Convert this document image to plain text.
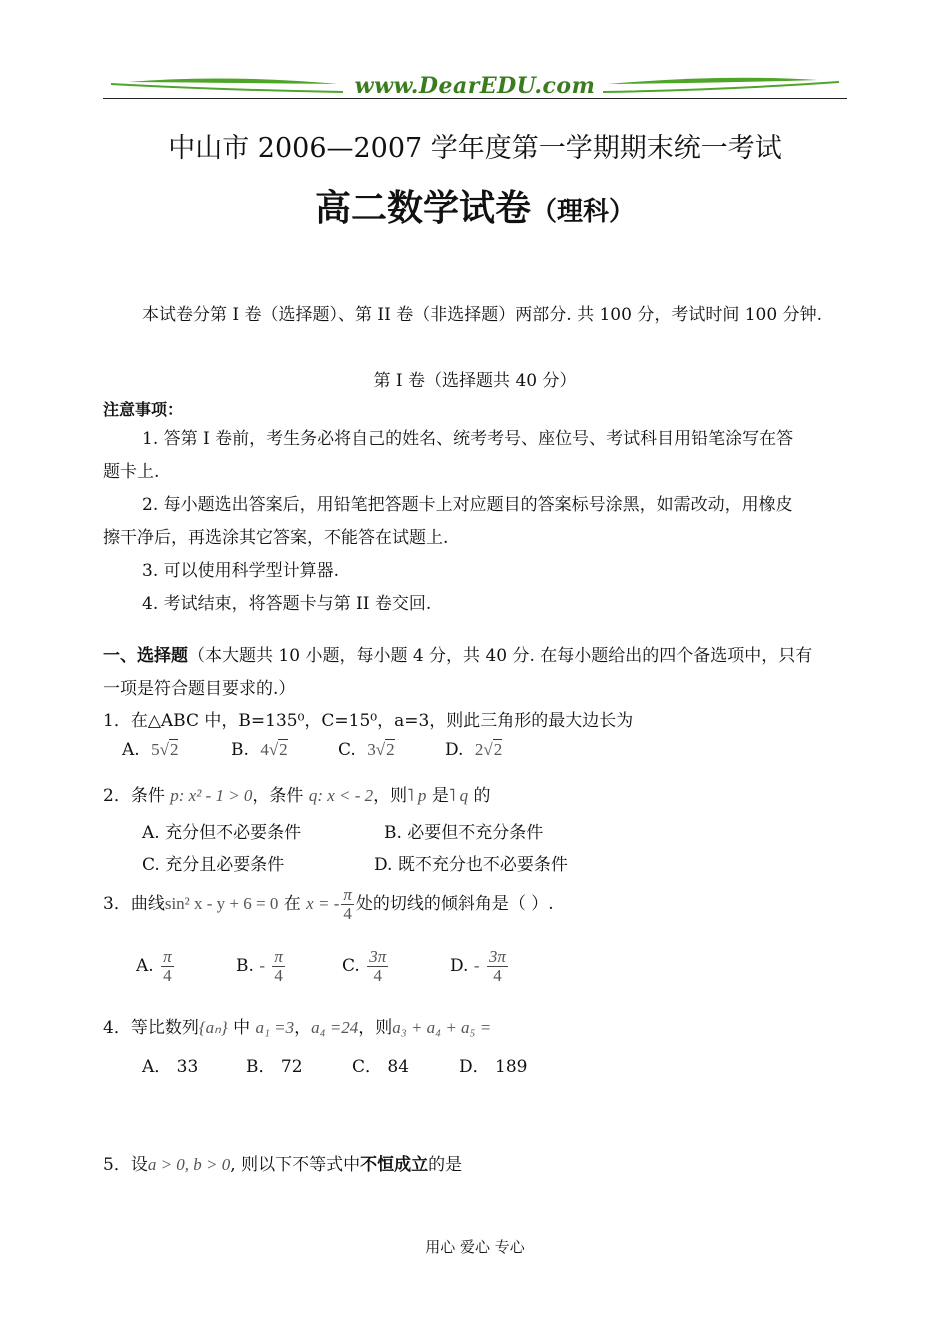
www.DearEDU.com
中山市 2006—2007 学年度第一学期期末统一考试
高二数学试卷（理科）
本试卷分第 I 卷（选择题）、第 II 卷（非选择题）两部分. 共 100 分，考试时间 100 分钟.
第 I 卷（选择题共 40 分）
注意事项：
1. 答第 I 卷前，考生务必将自己的姓名、统考考号、座位号、考试科目用铅笔涂写在答
题卡上.
2. 每小题选出答案后，用铅笔把答题卡上对应题目的答案标号涂黑，如需改动，用橡皮
擦干净后，再选涂其它答案，不能答在试题上.
3. 可以使用科学型计算器.
4. 考试结束，将答题卡与第 II 卷交回.
一、选择题（本大题共 10 小题，每小题 4 分，共 40 分. 在每小题给出的四个备选项中，只有
一项是符合题目要求的.）
1．在△ABC 中，B=135⁰，C=15⁰，a=3，则此三角形的最大边长为
A. 5√2	B. 4√2	C. 3√2	D. 2√2
2．条件 p: x² - 1 > 0，条件 q: x < - 2，则˥ p 是˥ q 的
A. 充分但不必要条件	B. 必要但不充分条件
C. 充分且必要条件	D. 既不充分也不必要条件
3．曲线sin² x - y + 6 = 0 在 x = - $\frac{\pi}{4}$ 处的切线的倾斜角是（ ）.
A. $\frac{\pi}{4}$	B. - $\frac{\pi}{4}$	C. $\frac{3\pi}{4}$	D. - $\frac{3\pi}{4}$
4．等比数列{aₙ} 中 a₁ =3，a₄ =24，则a₃ + a₄ + a₅ =
A． 33	B． 72	C． 84	D． 189
5．设a > 0, b > 0, 则以下不等式中不恒成立的是
用心 爱心 专心
